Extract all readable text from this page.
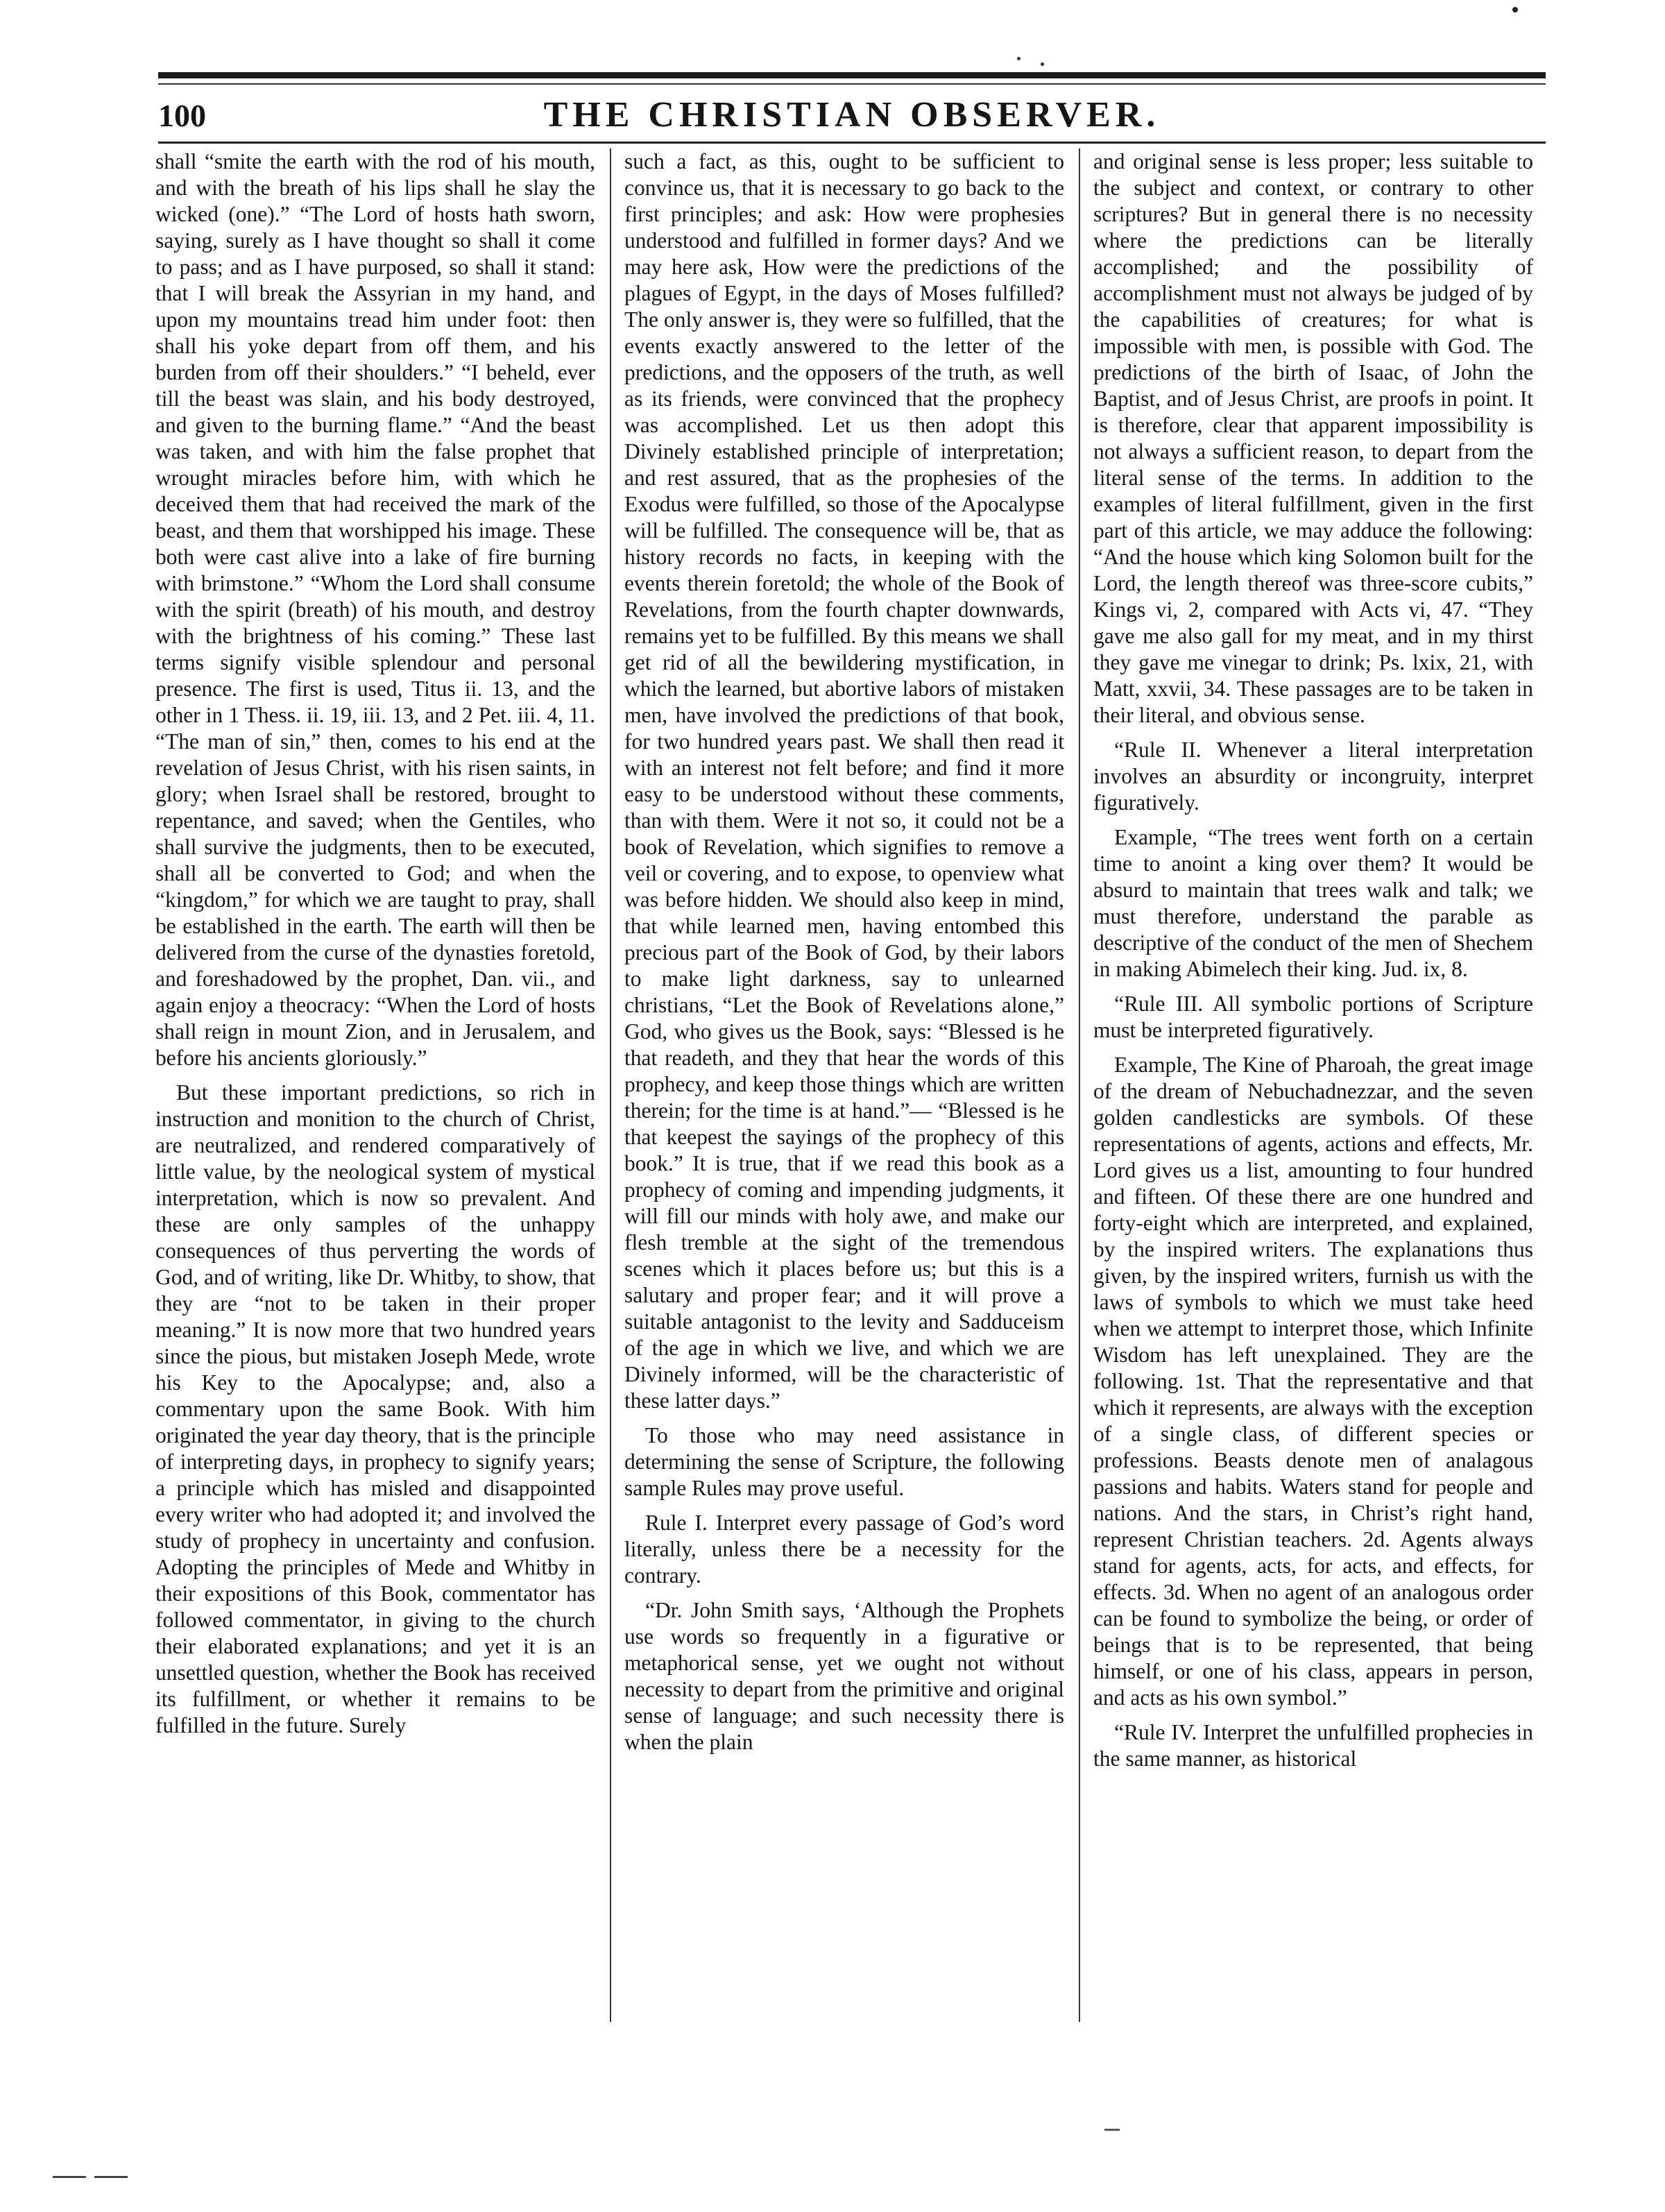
100	THE CHRISTIAN OBSERVER.

shall “smite the earth with the rod of his mouth, and with the breath of his lips shall he slay the wicked (one).” “The Lord of hosts hath sworn, saying, surely as I have thought so shall it come to pass; and as I have purposed, so shall it stand: that I will break the Assyrian in my hand, and upon my mountains tread him under foot: then shall his yoke depart from off them, and his burden from off their shoulders.” “I beheld, ever till the beast was slain, and his body destroyed, and given to the burning flame.” “And the beast was taken, and with him the false prophet that wrought miracles before him, with which he deceived them that had received the mark of the beast, and them that worshipped his image. These both were cast alive into a lake of fire burning with brimstone.” “Whom the Lord shall consume with the spirit (breath) of his mouth, and destroy with the brightness of his coming.” These last terms signify visible splendour and personal presence. The first is used, Titus ii. 13, and the other in 1 Thess. ii. 19, iii. 13, and 2 Pet. iii. 4, 11. “The man of sin,” then, comes to his end at the revelation of Jesus Christ, with his risen saints, in glory; when Israel shall be restored, brought to repentance, and saved; when the Gentiles, who shall survive the judgments, then to be executed, shall all be converted to God; and when the “kingdom,” for which we are taught to pray, shall be established in the earth. The earth will then be delivered from the curse of the dynasties foretold, and foreshadowed by the prophet, Dan. vii., and again enjoy a theocracy: “When the Lord of hosts shall reign in mount Zion, and in Jerusalem, and before his ancients gloriously.”

But these important predictions, so rich in instruction and monition to the church of Christ, are neutralized, and rendered comparatively of little value, by the neological system of mystical interpretation, which is now so prevalent. And these are only samples of the unhappy consequences of thus perverting the words of God, and of writing, like Dr. Whitby, to show, that they are “not to be taken in their proper meaning.” It is now more that two hundred years since the pious, but mistaken Joseph Mede, wrote his Key to the Apocalypse; and, also a commentary upon the same Book. With him originated the year day theory, that is the principle of interpreting days, in prophecy to signify years; a principle which has misled and disappointed every writer who had adopted it; and involved the study of prophecy in uncertainty and confusion. Adopting the principles of Mede and Whitby in their expositions of this Book, commentator has followed commentator, in giving to the church their elaborated explanations; and yet it is an unsettled question, whether the Book has received its fulfillment, or whether it remains to be fulfilled in the future. Surely

such a fact, as this, ought to be sufficient to convince us, that it is necessary to go back to the first principles; and ask: How were prophesies understood and fulfilled in former days? And we may here ask, How were the predictions of the plagues of Egypt, in the days of Moses fulfilled? The only answer is, they were so fulfilled, that the events exactly answered to the letter of the predictions, and the opposers of the truth, as well as its friends, were convinced that the prophecy was accomplished. Let us then adopt this Divinely established principle of interpretation; and rest assured, that as the prophesies of the Exodus were fulfilled, so those of the Apocalypse will be fulfilled. The consequence will be, that as history records no facts, in keeping with the events therein foretold; the whole of the Book of Revelations, from the fourth chapter downwards, remains yet to be fulfilled. By this means we shall get rid of all the bewildering mystification, in which the learned, but abortive labors of mistaken men, have involved the predictions of that book, for two hundred years past. We shall then read it with an interest not felt before; and find it more easy to be understood without these comments, than with them. Were it not so, it could not be a book of Revelation, which signifies to remove a veil or covering, and to expose, to openview what was before hidden. We should also keep in mind, that while learned men, having entombed this precious part of the Book of God, by their labors to make light darkness, say to unlearned christians, “Let the Book of Revelations alone,” God, who gives us the Book, says: “Blessed is he that readeth, and they that hear the words of this prophecy, and keep those things which are written therein; for the time is at hand.”— “Blessed is he that keepest the sayings of the prophecy of this book.” It is true, that if we read this book as a prophecy of coming and impending judgments, it will fill our minds with holy awe, and make our flesh tremble at the sight of the tremendous scenes which it places before us; but this is a salutary and proper fear; and it will prove a suitable antagonist to the levity and Sadduceism of the age in which we live, and which we are Divinely informed, will be the characteristic of these latter days.”

To those who may need assistance in determining the sense of Scripture, the following sample Rules may prove useful.

Rule I. Interpret every passage of God’s word literally, unless there be a necessity for the contrary.

“Dr. John Smith says, ‘Although the Prophets use words so frequently in a figurative or metaphorical sense, yet we ought not without necessity to depart from the primitive and original sense of language; and such necessity there is when the plain

and original sense is less proper; less suitable to the subject and context, or contrary to other scriptures? But in general there is no necessity where the predictions can be literally accomplished; and the possibility of accomplishment must not always be judged of by the capabilities of creatures; for what is impossible with men, is possible with God. The predictions of the birth of Isaac, of John the Baptist, and of Jesus Christ, are proofs in point. It is therefore, clear that apparent impossibility is not always a sufficient reason, to depart from the literal sense of the terms. In addition to the examples of literal fulfillment, given in the first part of this article, we may adduce the following: “And the house which king Solomon built for the Lord, the length thereof was three-score cubits,” Kings vi, 2, compared with Acts vi, 47. “They gave me also gall for my meat, and in my thirst they gave me vinegar to drink; Ps. lxix, 21, with Matt, xxvii, 34. These passages are to be taken in their literal, and obvious sense.

“Rule II. Whenever a literal interpretation involves an absurdity or incongruity, interpret figuratively.

Example, “The trees went forth on a certain time to anoint a king over them? It would be absurd to maintain that trees walk and talk; we must therefore, understand the parable as descriptive of the conduct of the men of Shechem in making Abimelech their king. Jud. ix, 8.

“Rule III. All symbolic portions of Scripture must be interpreted figuratively.

Example, The Kine of Pharoah, the great image of the dream of Nebuchadnezzar, and the seven golden candlesticks are symbols. Of these representations of agents, actions and effects, Mr. Lord gives us a list, amounting to four hundred and fifteen. Of these there are one hundred and forty-eight which are interpreted, and explained, by the inspired writers. The explanations thus given, by the inspired writers, furnish us with the laws of symbols to which we must take heed when we attempt to interpret those, which Infinite Wisdom has left unexplained. They are the following. 1st. That the representative and that which it represents, are always with the exception of a single class, of different species or professions. Beasts denote men of analagous passions and habits. Waters stand for people and nations. And the stars, in Christ’s right hand, represent Christian teachers. 2d. Agents always stand for agents, acts, for acts, and effects, for effects. 3d. When no agent of an analogous order can be found to symbolize the being, or order of beings that is to be represented, that being himself, or one of his class, appears in person, and acts as his own symbol.”

“Rule IV. Interpret the unfulfilled prophecies in the same manner, as historical
